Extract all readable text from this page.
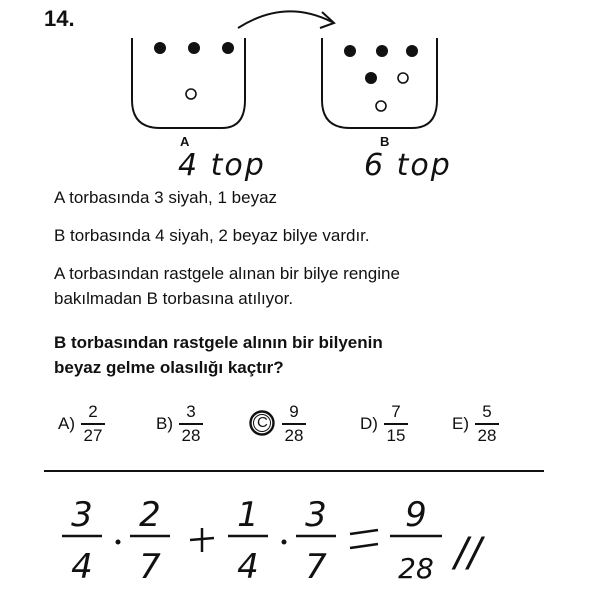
14.
A	B
4 top	6 top
A torbasında 3 siyah, 1 beyaz
B torbasında 4 siyah, 2 beyaz bilye vardır.
A torbasından rastgele alınan bir bilye rengine
bakılmadan B torbasına atılıyor.
B torbasından rastgele alının bir bilyenin
beyaz gelme olasılığı kaçtır?
$A) \frac{2}{27}$	$B) \frac{3}{28}$	C $\frac{9}{28}$	$D) \frac{7}{15}$	$E) \frac{5}{28}$
3
4
2
7
1
4
3
7
9
28 //
